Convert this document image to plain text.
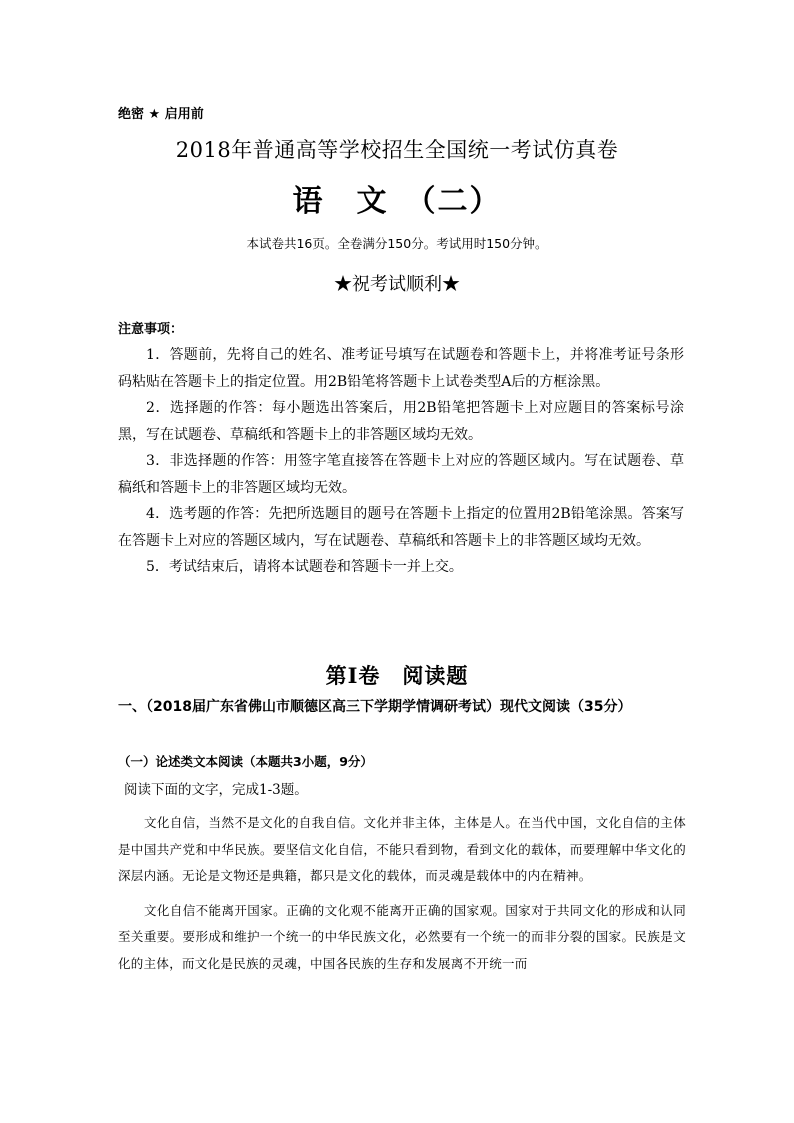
绝密 ★ 启用前
2018年普通高等学校招生全国统一考试仿真卷
语　文　（二）
本试卷共16页。全卷满分150分。考试用时150分钟。
★祝考试顺利★
注意事项：

1．答题前，先将自己的姓名、准考证号填写在试题卷和答题卡上，并将准考证号条形码粘贴在答题卡上的指定位置。用2B铅笔将答题卡上试卷类型A后的方框涂黑。

2．选择题的作答：每小题选出答案后，用2B铅笔把答题卡上对应题目的答案标号涂黑，写在试题卷、草稿纸和答题卡上的非答题区域均无效。

3．非选择题的作答：用签字笔直接答在答题卡上对应的答题区域内。写在试题卷、草稿纸和答题卡上的非答题区域均无效。

4．选考题的作答：先把所选题目的题号在答题卡上指定的位置用2B铅笔涂黑。答案写在答题卡上对应的答题区域内，写在试题卷、草稿纸和答题卡上的非答题区域均无效。

5．考试结束后，请将本试题卷和答题卡一并上交。

第Ⅰ卷　阅读题
一、（2018届广东省佛山市顺德区高三下学期学情调研考试）现代文阅读（35分）
（一）论述类文本阅读（本题共3小题，9分）
阅读下面的文字，完成1-3题。

文化自信，当然不是文化的自我自信。文化并非主体，主体是人。在当代中国，文化自信的主体是中国共产党和中华民族。要坚信文化自信，不能只看到物，看到文化的载体，而要理解中华文化的深层内涵。无论是文物还是典籍，都只是文化的载体，而灵魂是载体中的内在精神。

文化自信不能离开国家。正确的文化观不能离开正确的国家观。国家对于共同文化的形成和认同至关重要。要形成和维护一个统一的中华民族文化，必然要有一个统一的而非分裂的国家。民族是文化的主体，而文化是民族的灵魂，中国各民族的生存和发展离不开统一而
